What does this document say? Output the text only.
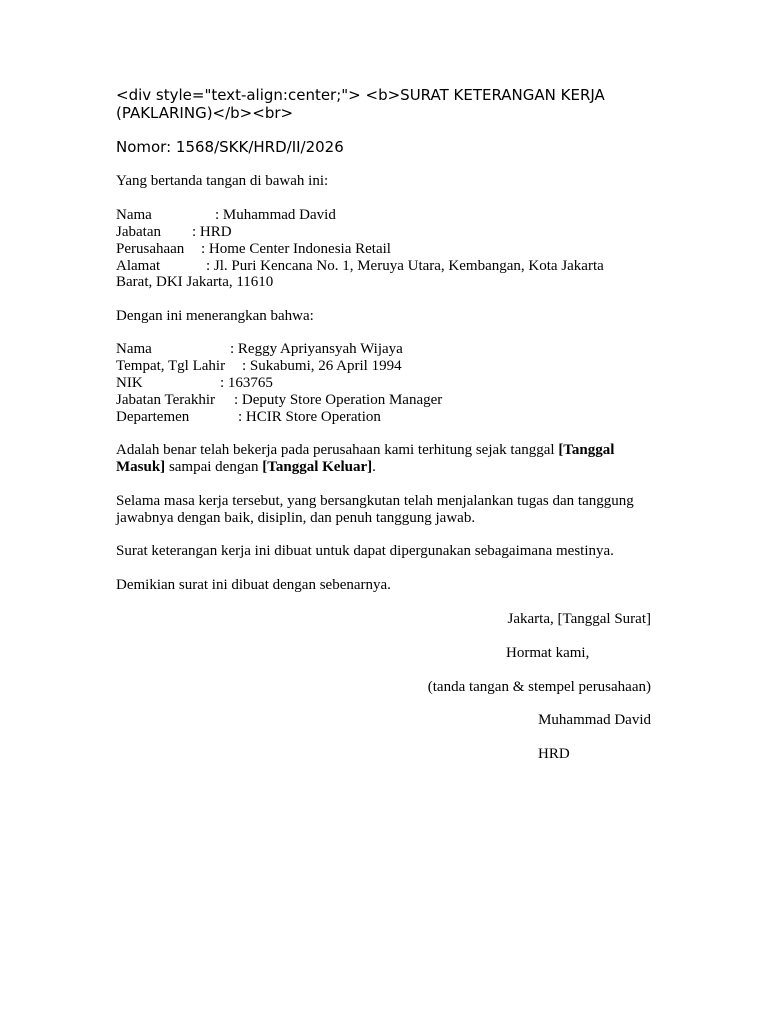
<div style="text-align:center;"> <b>SURAT KETERANGAN KERJA
(PAKLARING)</b><br>
Nomor: 1568/SKK/HRD/II/2026
Yang bertanda tangan di bawah ini:
Nama	: Muhammad David
Jabatan : HRD
Perusahaan : Home Center Indonesia Retail
Alamat	: Jl. Puri Kencana No. 1, Meruya Utara, Kembangan, Kota Jakarta
Barat, DKI Jakarta, 11610
Dengan ini menerangkan bahwa:
Nama	: Reggy Apriyansyah Wijaya
Tempat, Tgl Lahir : Sukabumi, 26 April 1994
NIK	: 163765
Jabatan Terakhir : Deputy Store Operation Manager
Departemen	: HCIR Store Operation
Adalah benar telah bekerja pada perusahaan kami terhitung sejak tanggal [Tanggal
Masuk] sampai dengan [Tanggal Keluar].
Selama masa kerja tersebut, yang bersangkutan telah menjalankan tugas dan tanggung
jawabnya dengan baik, disiplin, dan penuh tanggung jawab.
Surat keterangan kerja ini dibuat untuk dapat dipergunakan sebagaimana mestinya.
Demikian surat ini dibuat dengan sebenarnya.
Jakarta, [Tanggal Surat]
Hormat kami,
(tanda tangan & stempel perusahaan)
Muhammad David
HRD
